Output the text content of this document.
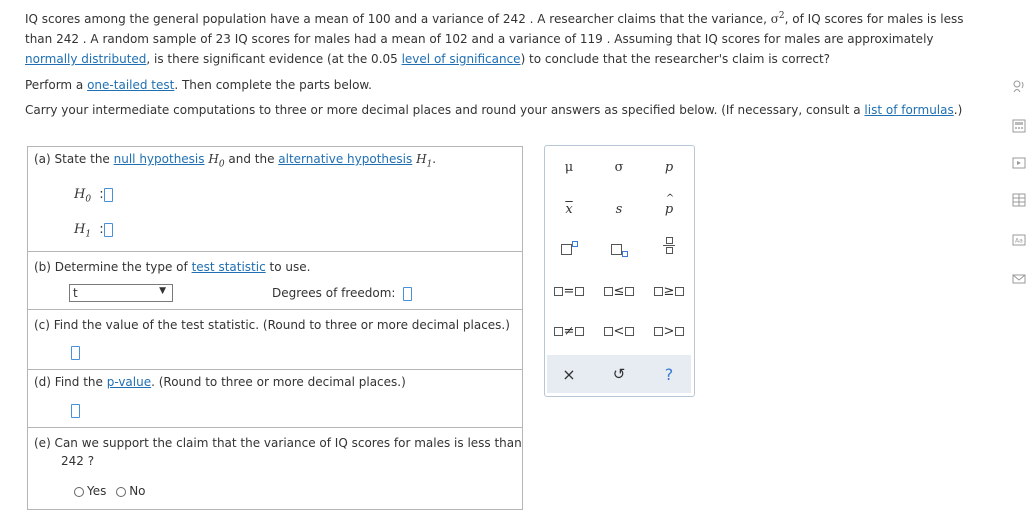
IQ scores among the general population have a mean of 100 and a variance of 242 . A researcher claims that the variance, $\sigma^2$, of IQ scores for males is less than 242 . A random sample of 23 IQ scores for males had a mean of 102 and a variance of 119 . Assuming that IQ scores for males are approximately normally distributed, is there significant evidence (at the 0.05 level of significance) to conclude that the researcher's claim is correct?

Perform a one-tailed test. Then complete the parts below.
Carry your intermediate computations to three or more decimal places and round your answers as specified below. (If necessary, consult a list of formulas.)
(a) State the null hypothesis $H_0$ and the alternative hypothesis $H_1$.
$H_0$ :
$H_1$ :
(b) Determine the type of test statistic to use.
t	▼	Degrees of freedom:
(c) Find the value of the test statistic. (Round to three or more decimal places.)
(d) Find the p-value. (Round to three or more decimal places.)
(e) Can we support the claim that the variance of IQ scores for males is less than
242 ?
Yes No
μ	σ	p
$\overline{x}$	s	p
^
=	≤	≥
≠	<	>
× ↺ ?
Aa
